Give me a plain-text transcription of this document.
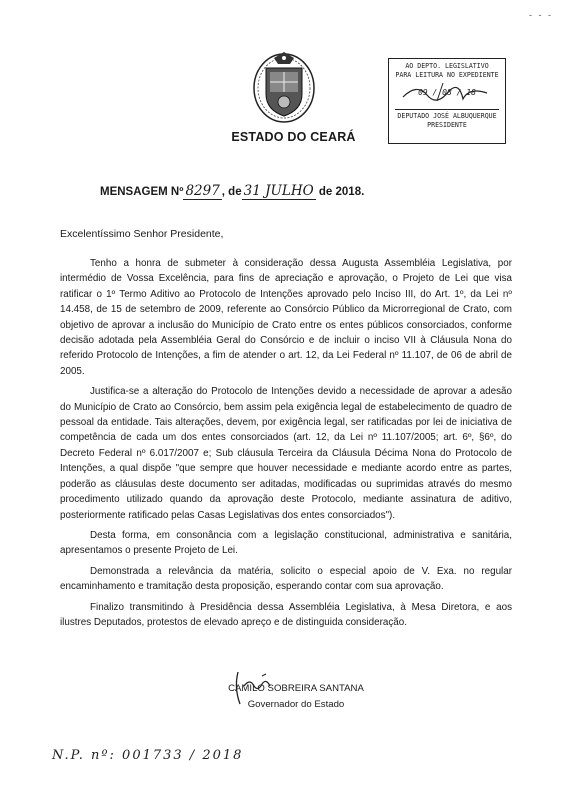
- - -
ESTADO DO CEARÁ
AO DEPTO. LEGISLATIVO
PARA LEITURA NO EXPEDIENTE
09 / 08 / 18
DEPUTADO JOSÉ ALBUQUERQUE
PRESIDENTE
MENSAGEM Nº 8297 , de 31 JULHO de 2018.
Excelentíssimo Senhor Presidente,

Tenho a honra de submeter à consideração dessa Augusta Assembléia Legislativa, por intermédio de Vossa Excelência, para fins de apreciação e aprovação, o Projeto de Lei que visa ratificar o 1º Termo Aditivo ao Protocolo de Intenções aprovado pelo Inciso III, do Art. 1º, da Lei nº 14.458, de 15 de setembro de 2009, referente ao Consórcio Público da Microrregional de Crato, com objetivo de aprovar a inclusão do Município de Crato entre os entes públicos consorciados, conforme decisão adotada pela Assembléia Geral do Consórcio e de incluir o inciso VII à Cláusula Nona do referido Protocolo de Intenções, a fim de atender o art. 12, da Lei Federal nº 11.107, de 06 de abril de 2005.

Justifica-se a alteração do Protocolo de Intenções devido a necessidade de aprovar a adesão do Município de Crato ao Consórcio, bem assim pela exigência legal de estabelecimento de quadro de pessoal da entidade. Tais alterações, devem, por exigência legal, ser ratificadas por lei de iniciativa de competência de cada um dos entes consorciados (art. 12, da Lei nº 11.107/2005; art. 6º, §6º, do Decreto Federal nº 6.017/2007 e; Sub cláusula Terceira da Cláusula Décima Nona do Protocolo de Intenções, a qual dispõe "que sempre que houver necessidade e mediante acordo entre as partes, poderão as cláusulas deste documento ser aditadas, modificadas ou suprimidas através do mesmo procedimento utilizado quando da aprovação deste Protocolo, mediante assinatura de aditivo, posteriormente ratificado pelas Casas Legislativas dos entes consorciados").

Desta forma, em consonância com a legislação constitucional, administrativa e sanitária, apresentamos o presente Projeto de Lei.

Demonstrada a relevância da matéria, solicito o especial apoio de V. Exa. no regular encaminhamento e tramitação desta proposição, esperando contar com sua aprovação.

Finalizo transmitindo à Presidência dessa Assembléia Legislativa, à Mesa Diretora, e aos ilustres Deputados, protestos de elevado apreço e de distinguida consideração.

CAMILO SOBREIRA SANTANA
Governador do Estado
N.P. nº: 001733 / 2018
